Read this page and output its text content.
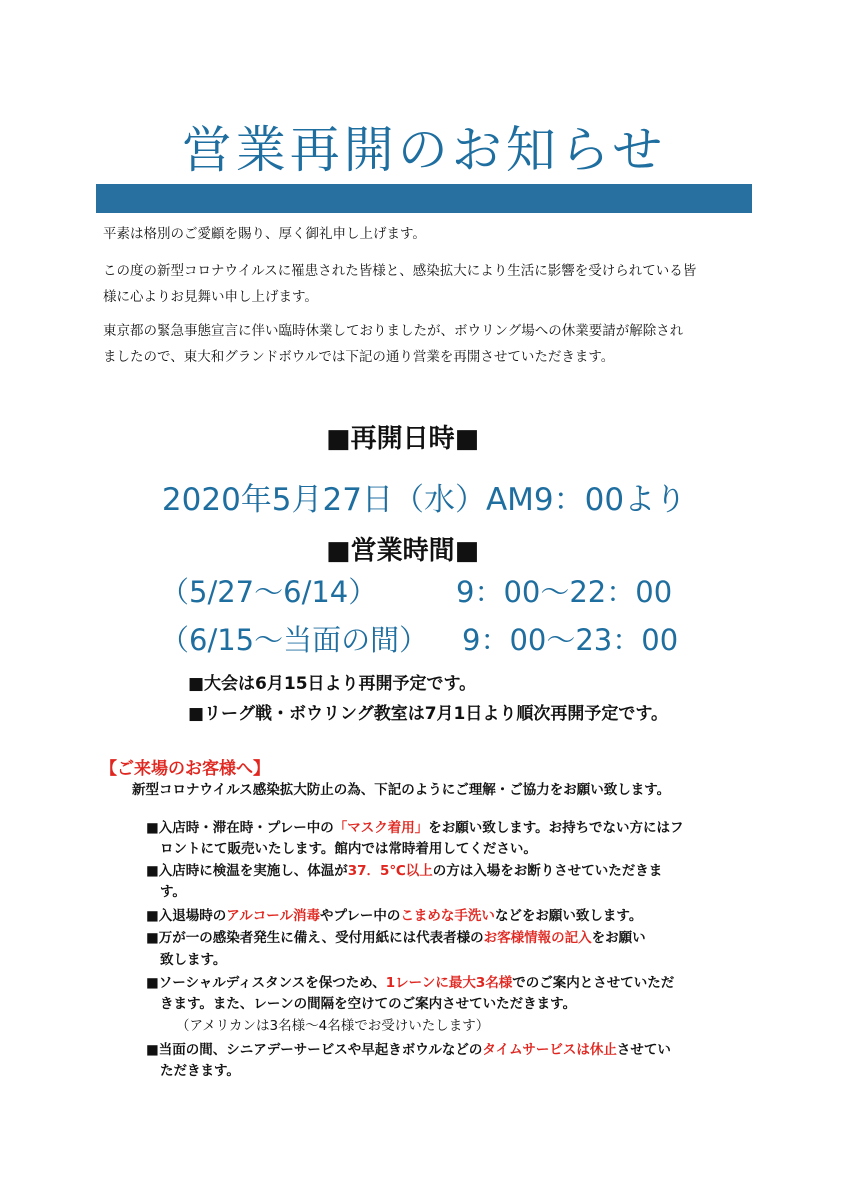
営業再開のお知らせ
平素は格別のご愛顧を賜り、厚く御礼申し上げます。
この度の新型コロナウイルスに罹患された皆様と、感染拡大により生活に影響を受けられている皆
様に心よりお見舞い申し上げます。
東京都の緊急事態宣言に伴い臨時休業しておりましたが、ボウリング場への休業要請が解除され
ましたので、東大和グランドボウルでは下記の通り営業を再開させていただきます。
■再開日時■
2020年5月27日（水）AM9：00より
■営業時間■
（5/27～6/14）	9：00～22：00
（6/15～当面の間） 9：00～23：00
■大会は6月15日より再開予定です。
■リーグ戦・ボウリング教室は7月1日より順次再開予定です。
【ご来場のお客様へ】
新型コロナウイルス感染拡大防止の為、下記のようにご理解・ご協力をお願い致します。
■入店時・滞在時・プレー中の「マスク着用」をお願い致します。お持ちでない方にはフ
ロントにて販売いたします。館内では常時着用してください。
■入店時に検温を実施し、体温が37．5℃以上の方は入場をお断りさせていただきま
す。
■入退場時のアルコール消毒やプレー中のこまめな手洗いなどをお願い致します。
■万が一の感染者発生に備え、受付用紙には代表者様のお客様情報の記入をお願い
致します。
■ソーシャルディスタンスを保つため、1レーンに最大3名様でのご案内とさせていただ
きます。また、レーンの間隔を空けてのご案内させていただきます。
（アメリカンは3名様～4名様でお受けいたします）
■当面の間、シニアデーサービスや早起きボウルなどのタイムサービスは休止させてい
ただきます。
